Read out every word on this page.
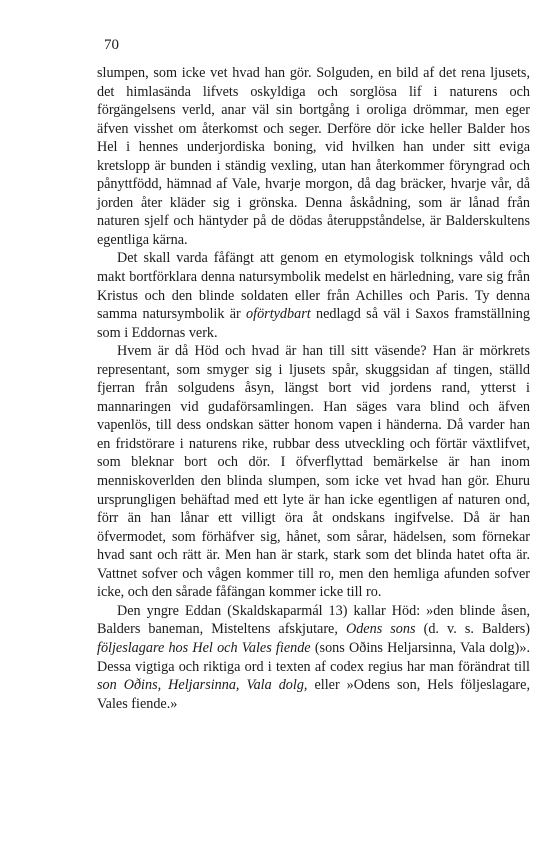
70

slumpen, som icke vet hvad han gör. Solguden, en bild af det rena ljusets, det himlasända lifvets oskyldiga och sorglösa lif i naturens och förgängelsens verld, anar väl sin bortgång i oroliga drömmar, men eger äfven visshet om återkomst och seger. Derföre dör icke heller Balder hos Hel i hennes underjordiska boning, vid hvilken han under sitt eviga kretslopp är bunden i ständig vexling, utan han återkommer föryngrad och pånyttfödd, hämnad af Vale, hvarje morgon, då dag bräcker, hvarje vår, då jorden åter kläder sig i grönska. Denna åskådning, som är lånad från naturen sjelf och häntyder på de dödas återuppståndelse, är Balderskultens egentliga kärna.

Det skall varda fåfängt att genom en etymologisk tolknings våld och makt bortförklara denna natursymbolik medelst en härledning, vare sig från Kristus och den blinde soldaten eller från Achilles och Paris. Ty denna samma natursymbolik är oförtydbart nedlagd så väl i Saxos framställning som i Eddornas verk.

Hvem är då Höd och hvad är han till sitt väsende? Han är mörkrets representant, som smyger sig i ljusets spår, skuggsidan af tingen, ställd fjerran från solgudens åsyn, längst bort vid jordens rand, ytterst i mannaringen vid gudaförsamlingen. Han säges vara blind och äfven vapenlös, till dess ondskan sätter honom vapen i händerna. Då varder han en fridstörare i naturens rike, rubbar dess utveckling och förtär växtlifvet, som bleknar bort och dör. I öfverflyttad bemärkelse är han inom menniskoverlden den blinda slumpen, som icke vet hvad han gör. Ehuru ursprungligen behäftad med ett lyte är han icke egentligen af naturen ond, förr än han lånar ett villigt öra åt ondskans ingifvelse. Då är han öfvermodet, som förhäfver sig, hånet, som sårar, hädelsen, som förnekar hvad sant och rätt är. Men han är stark, stark som det blinda hatet ofta är. Vattnet sofver och vågen kommer till ro, men den hemliga afunden sofver icke, och den sårade fåfängan kommer icke till ro.

Den yngre Eddan (Skaldskaparmál 13) kallar Höd: »den blinde åsen, Balders baneman, Misteltens afskjutare, Odens sons (d. v. s. Balders) följeslagare hos Hel och Vales fiende (sons Oðins Heljarsinna, Vala dolg)». Dessa vigtiga och riktiga ord i texten af codex regius har man förändrat till son Oðins, Heljarsinna, Vala dolg, eller »Odens son, Hels följeslagare, Vales fiende.»
